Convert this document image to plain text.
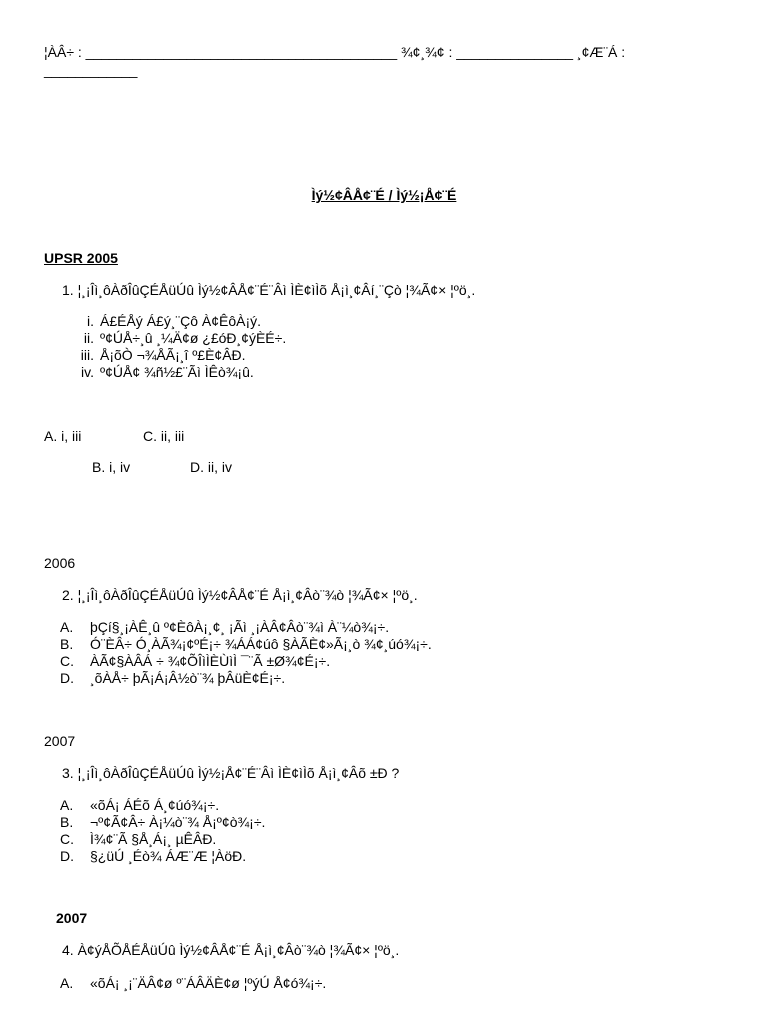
¦ÀÂ÷ : ________________________________________ ¾¢¸¾¢ : _______________ ¸¢Æ¨Á :
____________
Ìý½¢ÂÅ¢¨É / Ìý½¡Å¢¨É
UPSR 2005
1. ¦¸¡Îì¸ôÀðÎûÇÉÅüÚû Ìý½¢ÂÅ¢¨É¨Âì ÌÈ¢ìÌõ Å¡ì¸¢Âí¸¨Çò ¦¾Ã¢× ¦ºö¸.
i. Á£ÉÅý Á£ý¸¨Çô À¢ÊôÀ¡ý.
ii. º¢ÚÅ÷¸û ¸¼Ä¢ø ¿£óÐ¸¢ýÈÉ÷.
iii. Å¡õÒ ¬¾ÅÃ¡¸î º£È¢ÂÐ.
iv. º¢ÚÅ¢ ¾ñ½£¨Ãì ÌÊò¾¡û.
A. i, iii	C. ii, iii
B. i, iv	D. ii, iv
2006
2. ¦¸¡Îì¸ôÀðÎûÇÉÅüÚû Ìý½¢ÂÅ¢¨É Å¡ì¸¢Âò¨¾ò ¦¾Ã¢× ¦ºö¸.
A. þÇí§¸¡ÀÊ¸û º¢ÈôÀ¡¸¢¸ ¡Ãì ¸¡ÀÂ¢Âò¨¾ì À¨¼ò¾¡÷.
B. Ó¨ÈÂ÷ Ó¸ÀÃ¾¡¢ºÉ¡÷ ¾ÁÁ¢úô §ÀÃÈ¢»Ã¡¸ò ¾¢¸úó¾¡÷.
C. ÀÃ¢§ÀÂÁ ÷ ¾¢ÕÎìÌÈÙìÌ ¯¨Ã ±Ø¾¢É¡÷.
D. ¸õÀÅ÷ þÃ¡Á¡Â½ò¨¾ þÂüÈ¢É¡÷.
2007
3. ¦¸¡Îì¸ôÀðÎûÇÉÅüÚû Ìý½¡Å¢¨É¨Âì ÌÈ¢ìÌõ Å¡ì¸¢Âõ ±Ð ?
A. «õÁ¡ ÁÉõ Á¸¢úó¾¡÷.
B. ¬º¢Ã¢Â÷ À¡¼ò¨¾ Å¡º¢ò¾¡÷.
C. Ì¾¢¨Ã §Å¸Á¡¸ µÊÂÐ.
D. §¿üÚ ¸Éò¾ ÁÆ¨Æ ¦ÀöÐ.
2007
4. À¢ýÅÕÅÉÅüÚû Ìý½¢ÂÅ¢¨É Å¡ì¸¢Âò¨¾ò ¦¾Ã¢× ¦ºö¸.
A. «õÁ¡ ¸¡¨ÄÂ¢ø º¨ÁÂÄÈ¢ø ¦ºýÚ Å¢ó¾¡÷.
